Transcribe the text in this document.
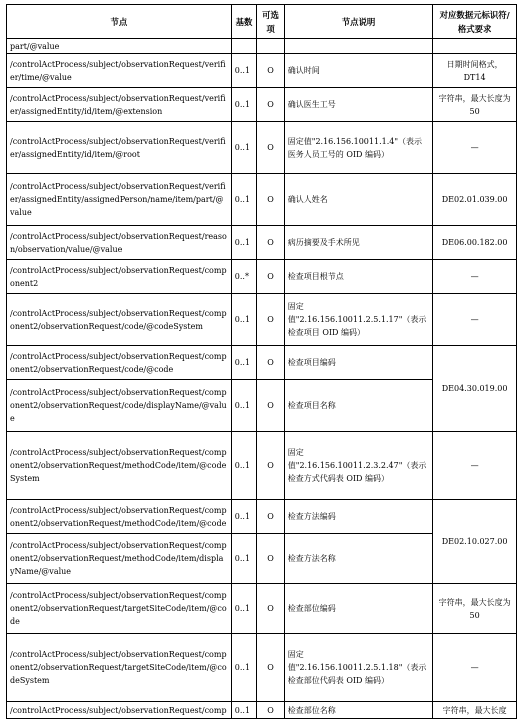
节点	基数	可选项	节点说明	对应数据元标识符/格式要求
part/@value				
/controlActProcess/subject/observationRequest/verifier/time/@value	0..1	O	确认时间	日期时间格式，DT14
/controlActProcess/subject/observationRequest/verifier/assignedEntity/id/item/@extension	0..1	O	确认医生工号	字符串，最大长度为 50
/controlActProcess/subject/observationRequest/verifier/assignedEntity/id/item/@root	0..1	O	固定值"2.16.156.10011.1.4"（表示医务人员工号的 OID 编码）	—
/controlActProcess/subject/observationRequest/verifier/assignedEntity/assignedPerson/name/item/part/@value	0..1	O	确认人姓名	DE02.01.039.00
/controlActProcess/subject/observationRequest/reason/observation/value/@value	0..1	O	病历摘要及手术所见	DE06.00.182.00
/controlActProcess/subject/observationRequest/component2	0..*	O	检查项目根节点	—
/controlActProcess/subject/observationRequest/component2/observationRequest/code/@codeSystem	0..1	O	固定值"2.16.156.10011.2.5.1.17"（表示检查项目 OID 编码）	—
/controlActProcess/subject/observationRequest/component2/observationRequest/code/@code	0..1	O	检查项目编码	DE04.30.019.00
/controlActProcess/subject/observationRequest/component2/observationRequest/code/displayName/@value	0..1	O	检查项目名称	
/controlActProcess/subject/observationRequest/component2/observationRequest/methodCode/item/@codeSystem	0..1	O	固定值"2.16.156.10011.2.3.2.47"（表示检查方式代码表 OID 编码）	—
/controlActProcess/subject/observationRequest/component2/observationRequest/methodCode/item/@code	0..1	O	检查方法编码	DE02.10.027.00
/controlActProcess/subject/observationRequest/component2/observationRequest/methodCode/item/displayName/@value	0..1	O	检查方法名称	
/controlActProcess/subject/observationRequest/component2/observationRequest/targetSiteCode/item/@code	0..1	O	检查部位编码	字符串，最大长度为 50
/controlActProcess/subject/observationRequest/component2/observationRequest/targetSiteCode/item/@codeSystem	0..1	O	固定值"2.16.156.10011.2.5.1.18"（表示检查部位代码表 OID 编码）	—
/controlActProcess/subject/observationRequest/comp	0..1	O	检查部位名称	字符串，最大长度
